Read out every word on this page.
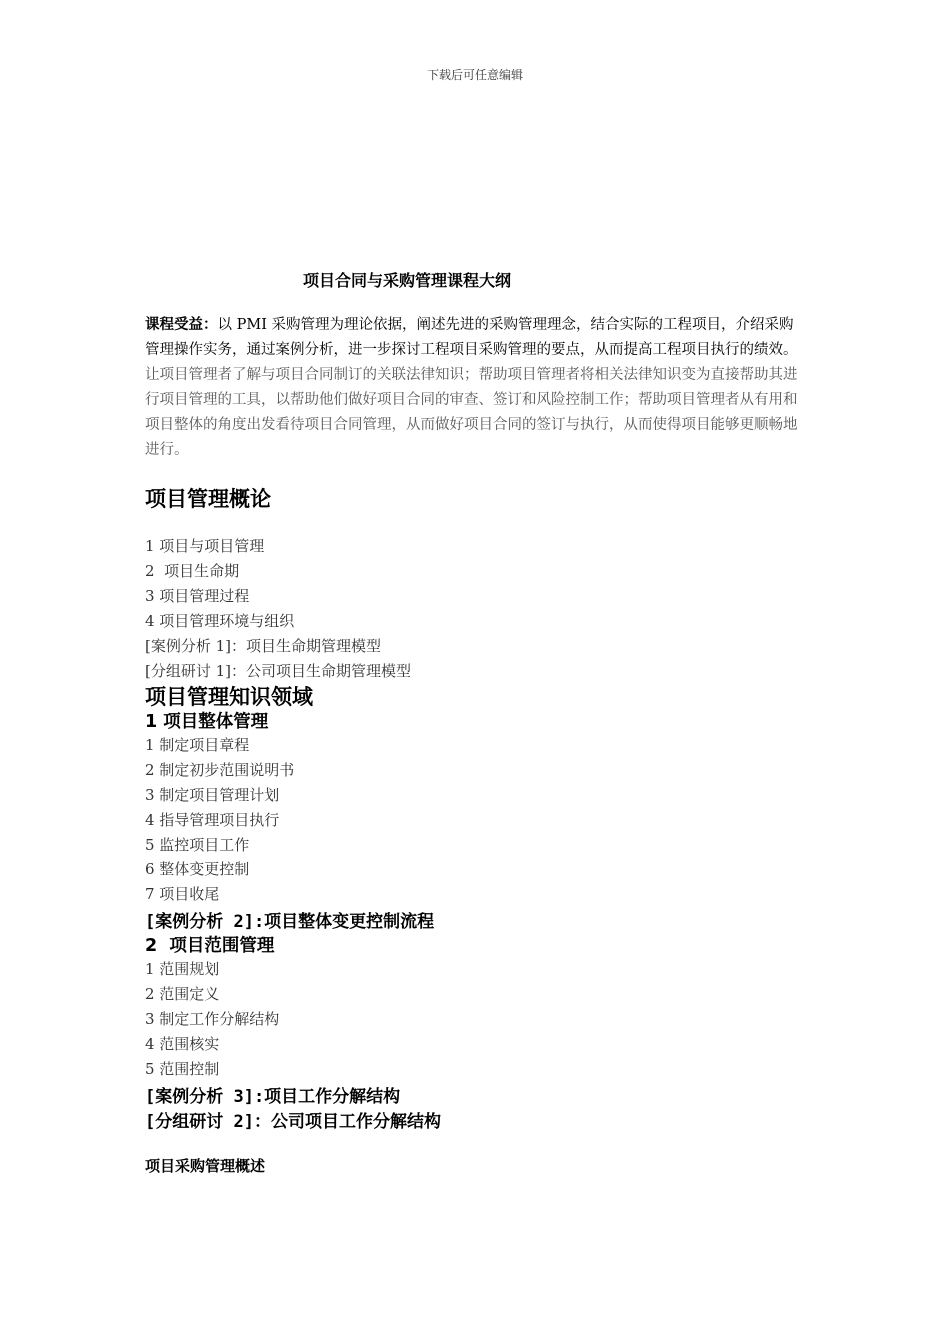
下载后可任意编辑
项目合同与采购管理课程大纲
课程受益：以 PMI 采购管理为理论依据，阐述先进的采购管理理念，结合实际的工程项目，介绍采购管理操作实务，通过案例分析，进一步探讨工程项目采购管理的要点，从而提高工程项目执行的绩效。让项目管理者了解与项目合同制订的关联法律知识；帮助项目管理者将相关法律知识变为直接帮助其进行项目管理的工具，以帮助他们做好项目合同的审查、签订和风险控制工作；帮助项目管理者从有用和项目整体的角度出发看待项目合同管理，从而做好项目合同的签订与执行，从而使得项目能够更顺畅地进行。
项目管理概论
1 项目与项目管理
2  项目生命期
3 项目管理过程
4 项目管理环境与组织
[案例分析 1]：项目生命期管理模型
[分组研讨 1]：公司项目生命期管理模型
项目管理知识领域
1 项目整体管理
1 制定项目章程
2 制定初步范围说明书
3 制定项目管理计划
4 指导管理项目执行
5 监控项目工作
6 整体变更控制
7 项目收尾
[案例分析 2]:项目整体变更控制流程
2  项目范围管理
1 范围规划
2 范围定义
3 制定工作分解结构
4 范围核实
5 范围控制
[案例分析 3]:项目工作分解结构
[分组研讨 2]：公司项目工作分解结构
项目采购管理概述
